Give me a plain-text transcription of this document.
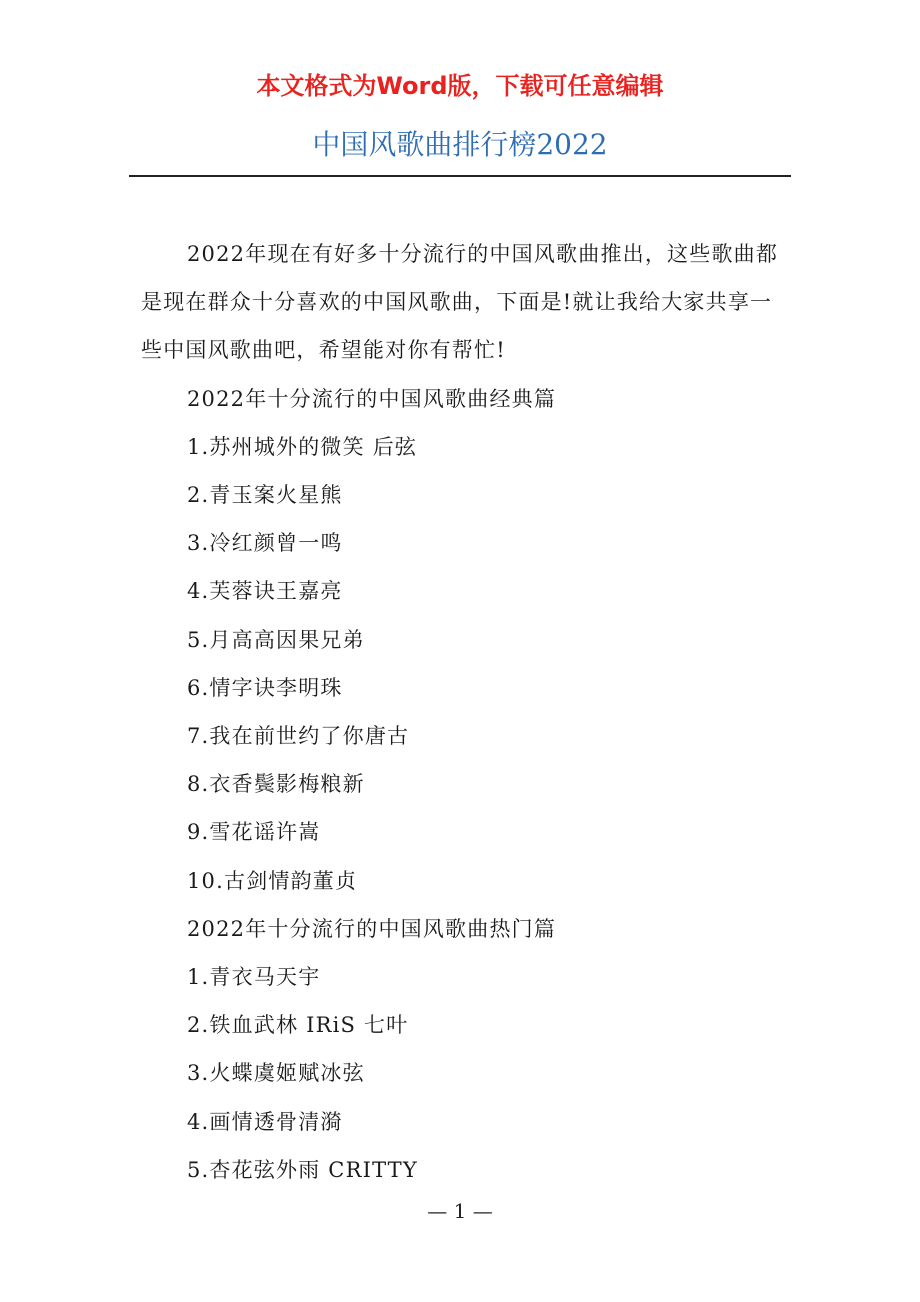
本文格式为Word版，下载可任意编辑
中国风歌曲排行榜2022

2022年现在有好多十分流行的中国风歌曲推出，这些歌曲都是现在群众十分喜欢的中国风歌曲，下面是!就让我给大家共享一些中国风歌曲吧，希望能对你有帮忙!

2022年十分流行的中国风歌曲经典篇

1.苏州城外的微笑 后弦

2.青玉案火星熊

3.冷红颜曾一鸣

4.芙蓉诀王嘉亮

5.月高高因果兄弟

6.情字诀李明珠

7.我在前世约了你唐古

8.衣香鬓影梅粮新

9.雪花谣许嵩

10.古剑情韵董贞

2022年十分流行的中国风歌曲热门篇

1.青衣马天宇

2.铁血武林 IRiS 七叶

3.火蝶虞姬赋冰弦

4.画情透骨清漪

5.杏花弦外雨 CRITTY

— 1 —
